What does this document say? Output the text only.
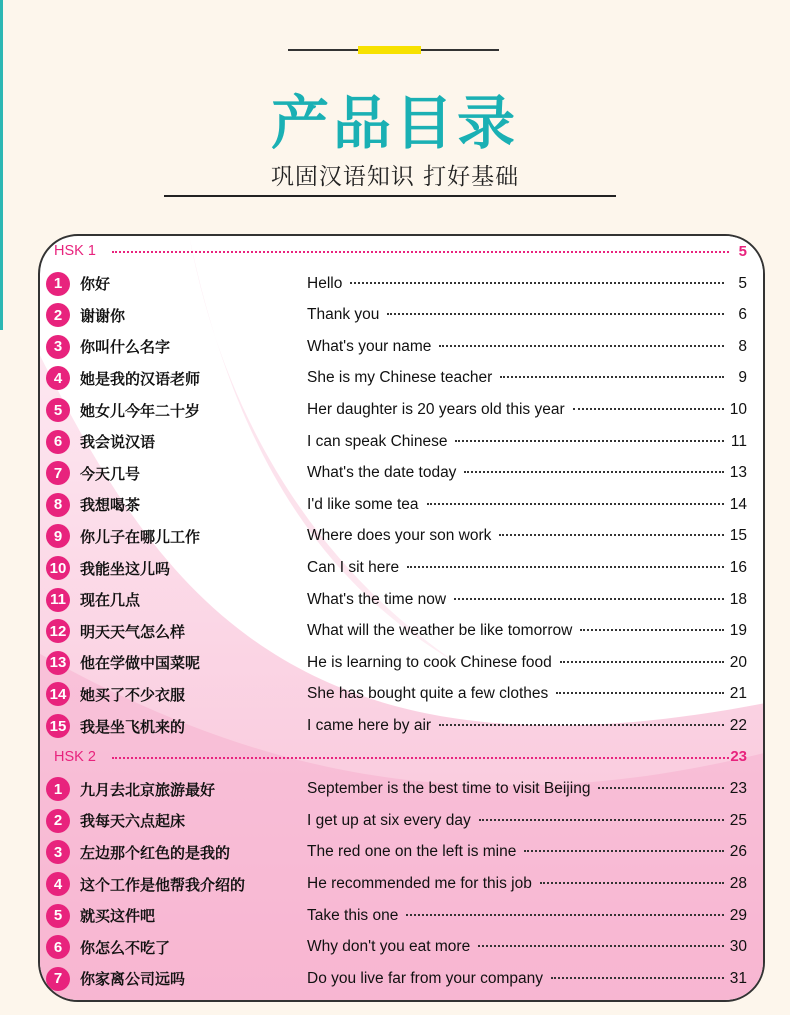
产品目录
巩固汉语知识 打好基础
HSK 1	5
1	你好	Hello	5
2	谢谢你	Thank you	6
3	你叫什么名字	What's your name	8
4	她是我的汉语老师	She is my Chinese teacher	9
5	她女儿今年二十岁	Her daughter is 20 years old this year	10
6	我会说汉语	I can speak Chinese	11
7	今天几号	What's the date today	13
8	我想喝茶	I'd like some tea	14
9	你儿子在哪儿工作	Where does your son work	15
10 我能坐这儿吗	Can I sit here	16
11 现在几点	What's the time now	18
12 明天天气怎么样	What will the weather be like tomorrow	19
13 他在学做中国菜呢	He is learning to cook Chinese food	20
14 她买了不少衣服	She has bought quite a few clothes	21
15 我是坐飞机来的	I came here by air	22
HSK 2	23
1	九月去北京旅游最好	September is the best time to visit Beijing	23
2	我每天六点起床	I get up at six every day	25
3	左边那个红色的是我的	The red one on the left is mine	26
4	这个工作是他帮我介绍的	He recommended me for this job	28
5	就买这件吧	Take this one	29
6	你怎么不吃了	Why don't you eat more	30
7	你家离公司远吗	Do you live far from your company	31
